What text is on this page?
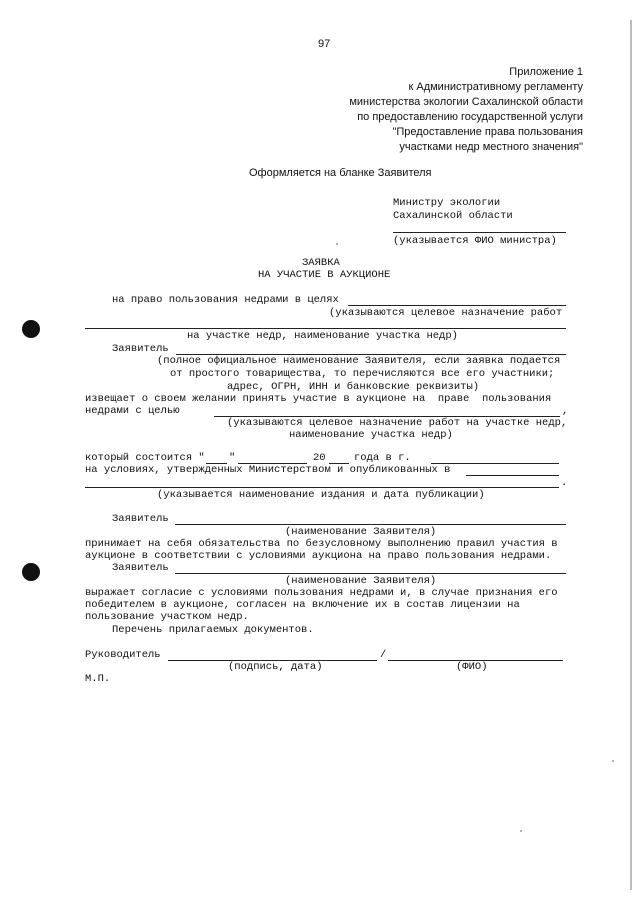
97
Приложение 1
к Административному регламенту
министерства экологии Сахалинской области
по предоставлению государственной услуги
"Предоставление права пользования
участками недр местного значения"
Оформляется на бланке Заявителя
Министру экологии
Сахалинской области
(указывается ФИО министра)
ЗАЯВКА
НА УЧАСТИЕ В АУКЦИОНЕ
на право пользования недрами в целях
(указываются целевое назначение работ
на участке недр, наименование участка недр)
Заявитель
(полное официальное наименование Заявителя, если заявка подается
от простого товарищества, то перечисляются все его участники;
адрес, ОГРН, ИНН и банковские реквизиты)
извещает о своем желании принять участие в аукционе на  праве  пользования
недрами с целью	,
(указываются целевое назначение работ на участке недр,
наименование участка недр)
который состоится " "	20	года в г.
на условиях, утвержденных Министерством и опубликованных в
.
(указывается наименование издания и дата публикации)
Заявитель
(наименование Заявителя)
принимает на себя обязательства по безусловному выполнению правил участия в
аукционе в соответствии с условиями аукциона на право пользования недрами.
Заявитель
(наименование Заявителя)
выражает согласие с условиями пользования недрами и, в случае признания его
победителем в аукционе, согласен на включение их в состав лицензии на
пользование участком недр.
Перечень прилагаемых документов.
Руководитель	/
(подпись, дата)	(ФИО)
М.П.
